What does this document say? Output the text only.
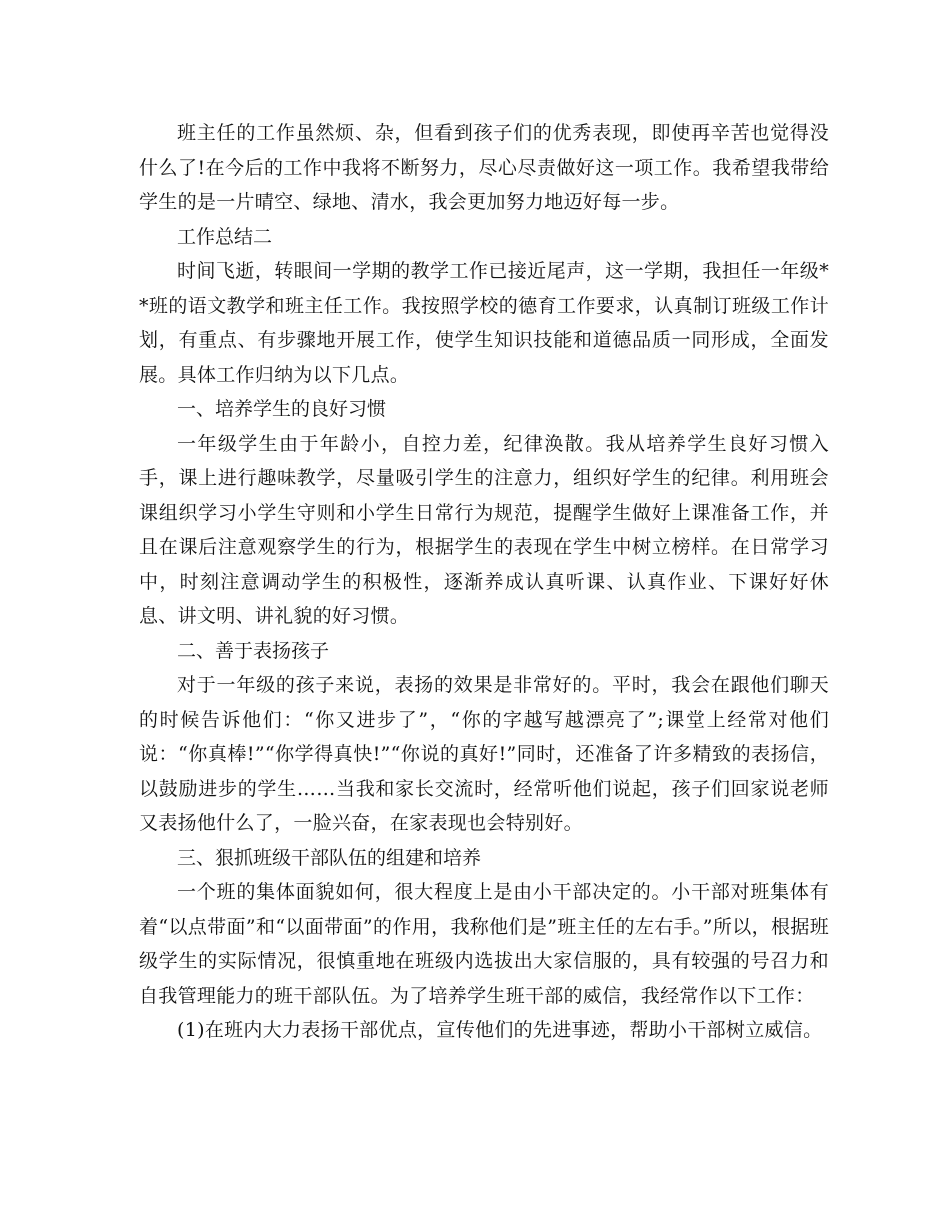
班主任的工作虽然烦、杂，但看到孩子们的优秀表现，即使再辛苦也觉得没什么了!在今后的工作中我将不断努力，尽心尽责做好这一项工作。我希望我带给学生的是一片晴空、绿地、清水，我会更加努力地迈好每一步。

工作总结二

时间飞逝，转眼间一学期的教学工作已接近尾声，这一学期，我担任一年级**班的语文教学和班主任工作。我按照学校的德育工作要求，认真制订班级工作计划，有重点、有步骤地开展工作，使学生知识技能和道德品质一同形成，全面发展。具体工作归纳为以下几点。

一、培养学生的良好习惯

一年级学生由于年龄小，自控力差，纪律涣散。我从培养学生良好习惯入手，课上进行趣味教学，尽量吸引学生的注意力，组织好学生的纪律。利用班会课组织学习小学生守则和小学生日常行为规范，提醒学生做好上课准备工作，并且在课后注意观察学生的行为，根据学生的表现在学生中树立榜样。在日常学习中，时刻注意调动学生的积极性，逐渐养成认真听课、认真作业、下课好好休息、讲文明、讲礼貌的好习惯。

二、善于表扬孩子

对于一年级的孩子来说，表扬的效果是非常好的。平时，我会在跟他们聊天的时候告诉他们：“你又进步了”，“你的字越写越漂亮了”;课堂上经常对他们说：“你真棒!”“你学得真快!”“你说的真好!”同时，还准备了许多精致的表扬信，以鼓励进步的学生……当我和家长交流时，经常听他们说起，孩子们回家说老师又表扬他什么了，一脸兴奋，在家表现也会特别好。

三、狠抓班级干部队伍的组建和培养

一个班的集体面貌如何，很大程度上是由小干部决定的。小干部对班集体有着“以点带面”和“以面带面”的作用，我称他们是”班主任的左右手。”所以，根据班级学生的实际情况，很慎重地在班级内选拔出大家信服的，具有较强的号召力和自我管理能力的班干部队伍。为了培养学生班干部的威信，我经常作以下工作：

(1)在班内大力表扬干部优点，宣传他们的先进事迹，帮助小干部树立威信。
